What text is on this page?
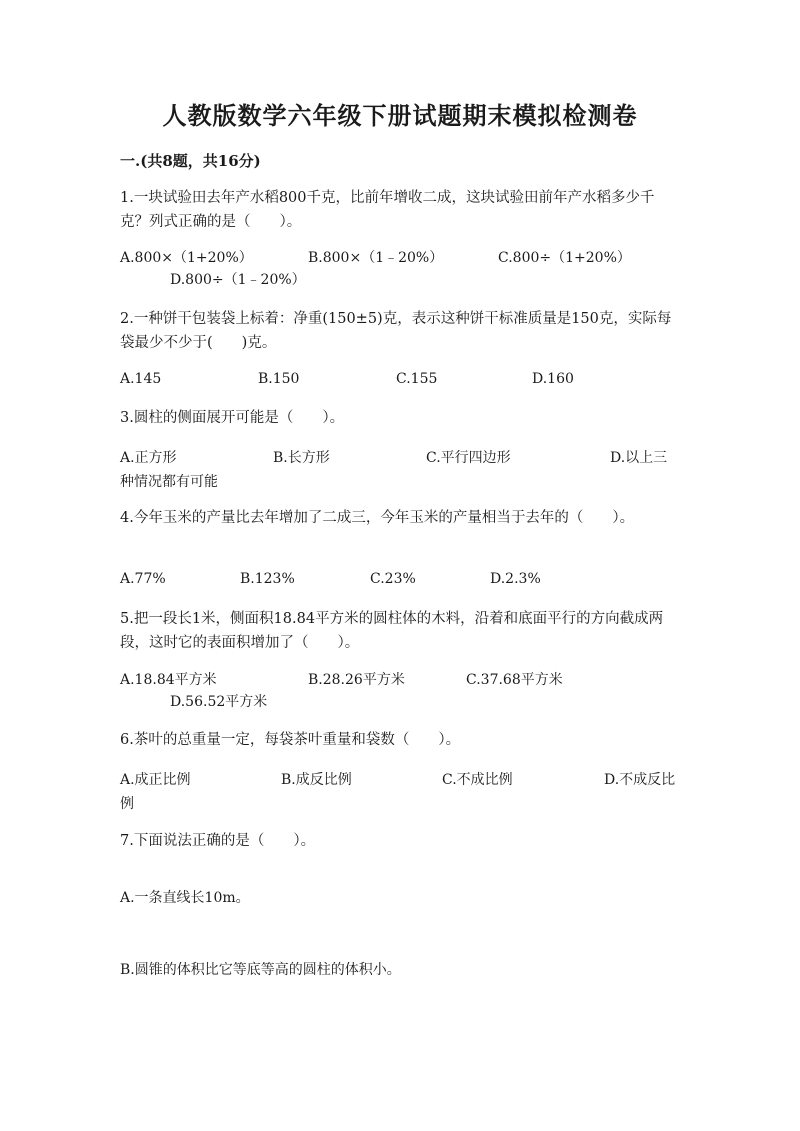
人教版数学六年级下册试题期末模拟检测卷
一.(共8题，共16分)
1.一块试验田去年产水稻800千克，比前年增收二成，这块试验田前年产水稻多少千克？列式正确的是（　　）。
A.800×（1+20%）	B.800×（1﹣20%）	C.800÷（1+20%）
D.800÷（1﹣20%）
2.一种饼干包装袋上标着：净重(150±5)克，表示这种饼干标准质量是150克，实际每袋最少不少于(　　)克。
A.145	B.150	C.155	D.160
3.圆柱的侧面展开可能是（　　）。
A.正方形	B.长方形	C.平行四边形	D.以上三种情况都有可能
4.今年玉米的产量比去年增加了二成三，今年玉米的产量相当于去年的（　　）。
A.77%	B.123%	C.23%	D.2.3%
5.把一段长1米，侧面积18.84平方米的圆柱体的木料，沿着和底面平行的方向截成两段，这时它的表面积增加了（　　）。
A.18.84平方米	B.28.26平方米	C.37.68平方米
D.56.52平方米
6.茶叶的总重量一定，每袋茶叶重量和袋数（　　）。
A.成正比例	B.成反比例	C.不成比例	D.不成反比例
7.下面说法正确的是（　　）。
A.一条直线长10m。
B.圆锥的体积比它等底等高的圆柱的体积小。
